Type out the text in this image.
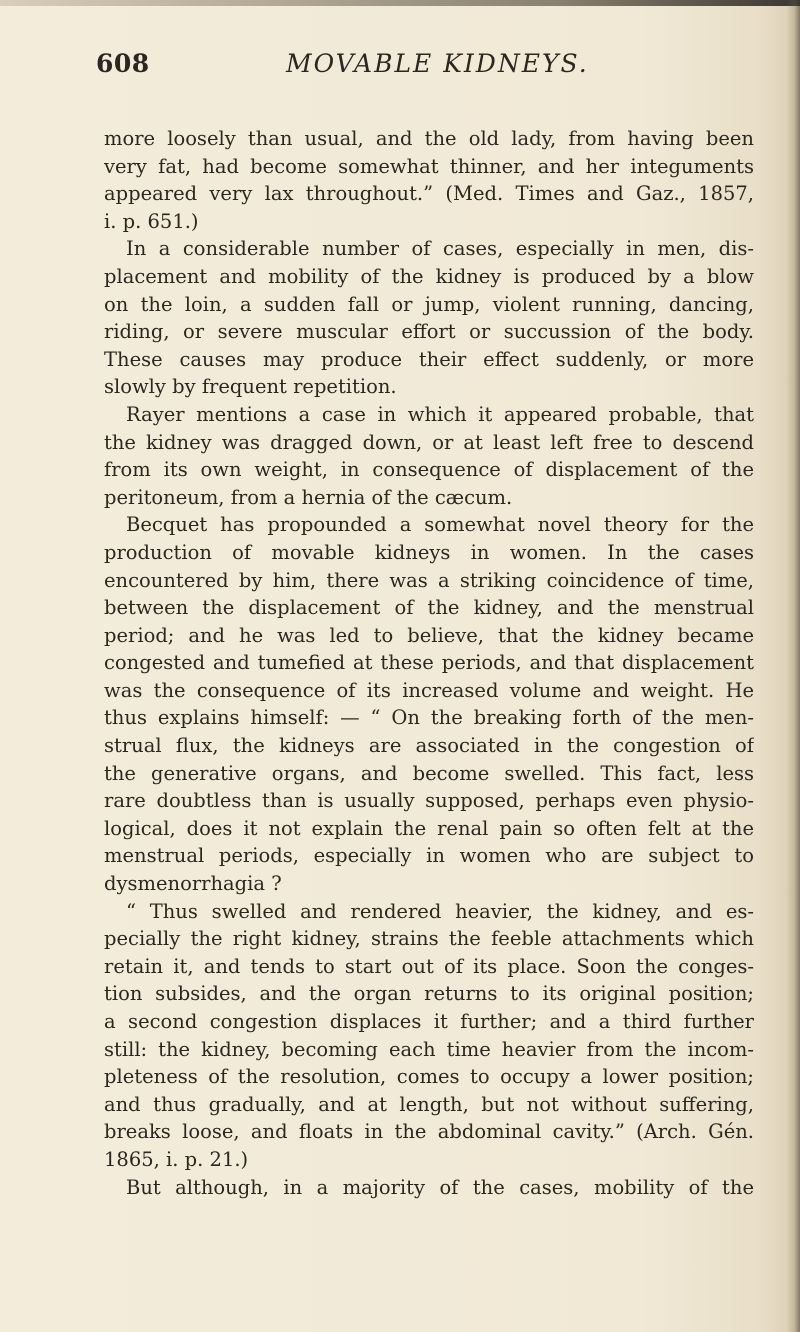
608	MOVABLE KIDNEYS.
more loosely than usual, and the old lady, from having been
very fat, had become somewhat thinner, and her integuments
appeared very lax throughout.” (Med. Times and Gaz., 1857,
i. p. 651.)
In a considerable number of cases, especially in men, dis-
placement and mobility of the kidney is produced by a blow
on the loin, a sudden fall or jump, violent running, dancing,
riding, or severe muscular effort or succussion of the body.
These causes may produce their effect suddenly, or more
slowly by frequent repetition.
Rayer mentions a case in which it appeared probable, that
the kidney was dragged down, or at least left free to descend
from its own weight, in consequence of displacement of the
peritoneum, from a hernia of the cæcum.
Becquet has propounded a somewhat novel theory for the
production of movable kidneys in women. In the cases
encountered by him, there was a striking coincidence of time,
between the displacement of the kidney, and the menstrual
period; and he was led to believe, that the kidney became
congested and tumefied at these periods, and that displacement
was the consequence of its increased volume and weight. He
thus explains himself: — “ On the breaking forth of the men-
strual flux, the kidneys are associated in the congestion of
the generative organs, and become swelled. This fact, less
rare doubtless than is usually supposed, perhaps even physio-
logical, does it not explain the renal pain so often felt at the
menstrual periods, especially in women who are subject to
dysmenorrhagia ?
“ Thus swelled and rendered heavier, the kidney, and es-
pecially the right kidney, strains the feeble attachments which
retain it, and tends to start out of its place. Soon the conges-
tion subsides, and the organ returns to its original position;
a second congestion displaces it further; and a third further
still: the kidney, becoming each time heavier from the incom-
pleteness of the resolution, comes to occupy a lower position;
and thus gradually, and at length, but not without suffering,
breaks loose, and floats in the abdominal cavity.” (Arch. Gén.
1865, i. p. 21.)
But although, in a majority of the cases, mobility of the
